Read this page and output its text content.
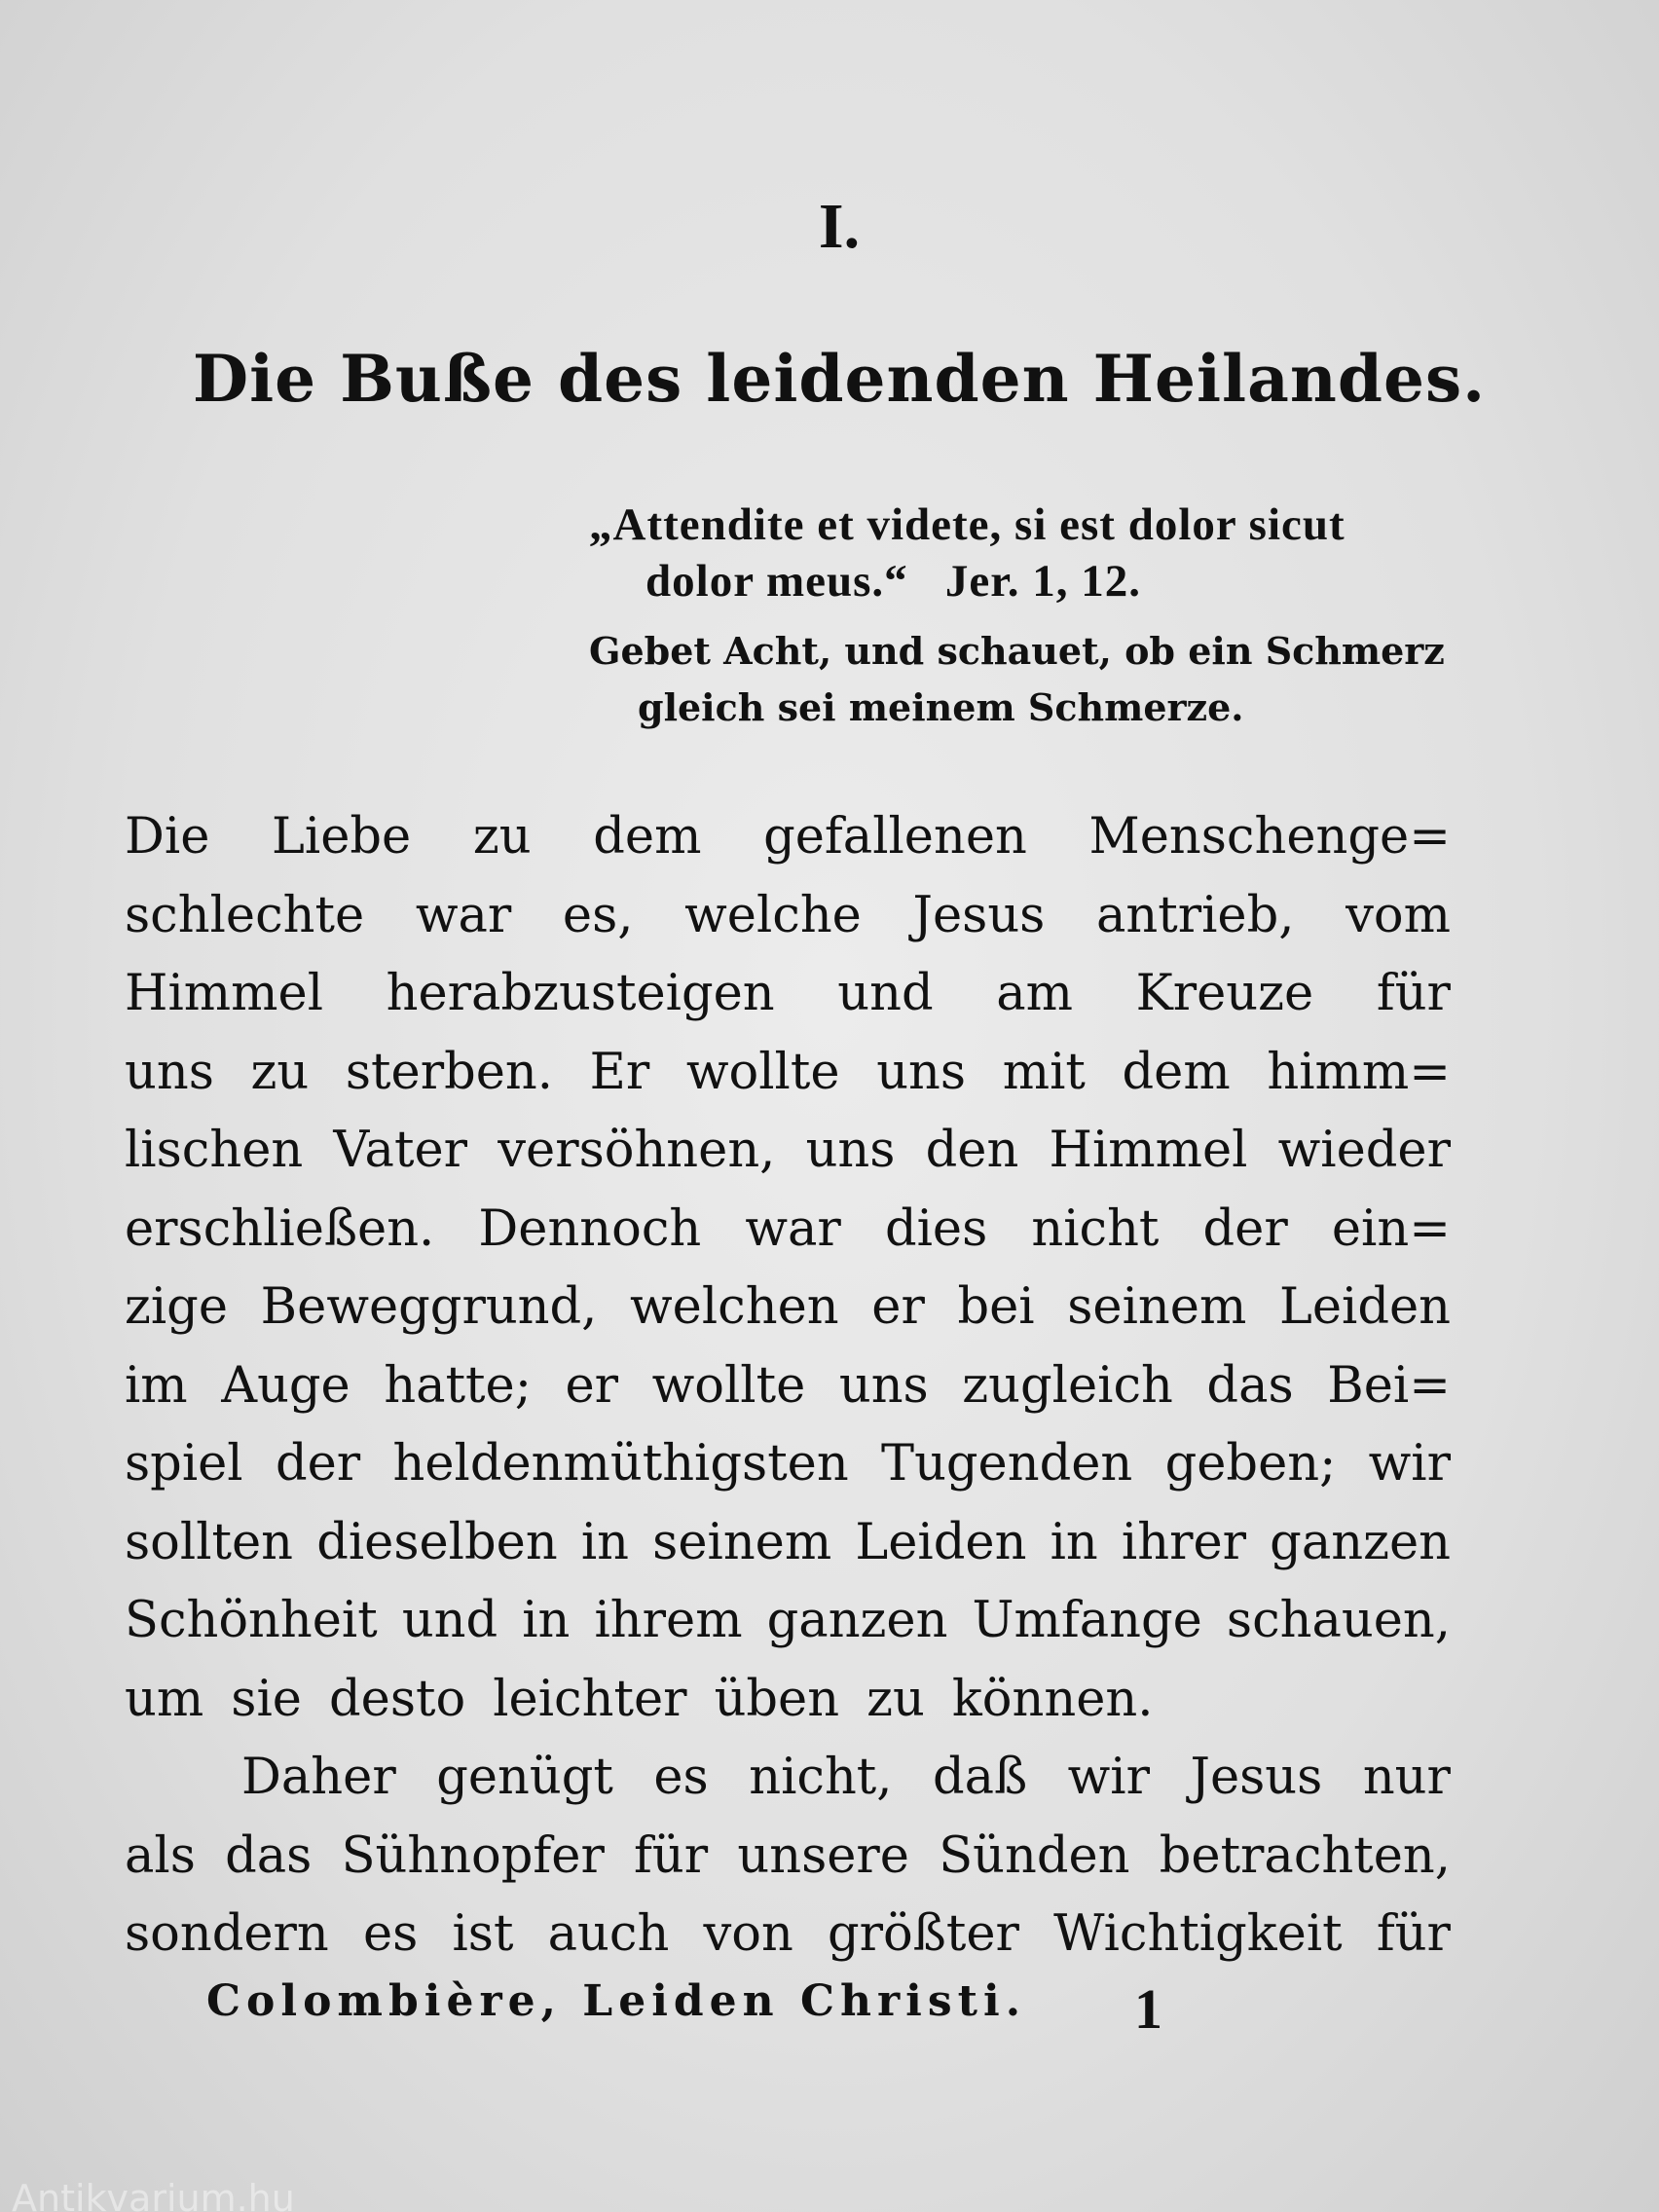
I.
Die Buße des leidenden Heilandes.
„Attendite et videte, si est dolor sicut
dolor meus.“   Jer. 1, 12.
Gebet Acht, und schauet, ob ein Schmerz
gleich sei meinem Schmerze.
Die Liebe zu dem gefallenen Menschenge=
schlechte war es, welche Jesus antrieb, vom
Himmel herabzusteigen und am Kreuze für
uns zu sterben. Er wollte uns mit dem himm=
lischen Vater versöhnen, uns den Himmel wieder
erschließen. Dennoch war dies nicht der ein=
zige Beweggrund, welchen er bei seinem Leiden
im Auge hatte; er wollte uns zugleich das Bei=
spiel der heldenmüthigsten Tugenden geben; wir
sollten dieselben in seinem Leiden in ihrer ganzen
Schönheit und in ihrem ganzen Umfange schauen,
um sie desto leichter üben zu können.
Daher genügt es nicht, daß wir Jesus nur
als das Sühnopfer für unsere Sünden betrachten,
sondern es ist auch von größter Wichtigkeit für
Colombière, Leiden Christi.	1
Antikvarium.hu
